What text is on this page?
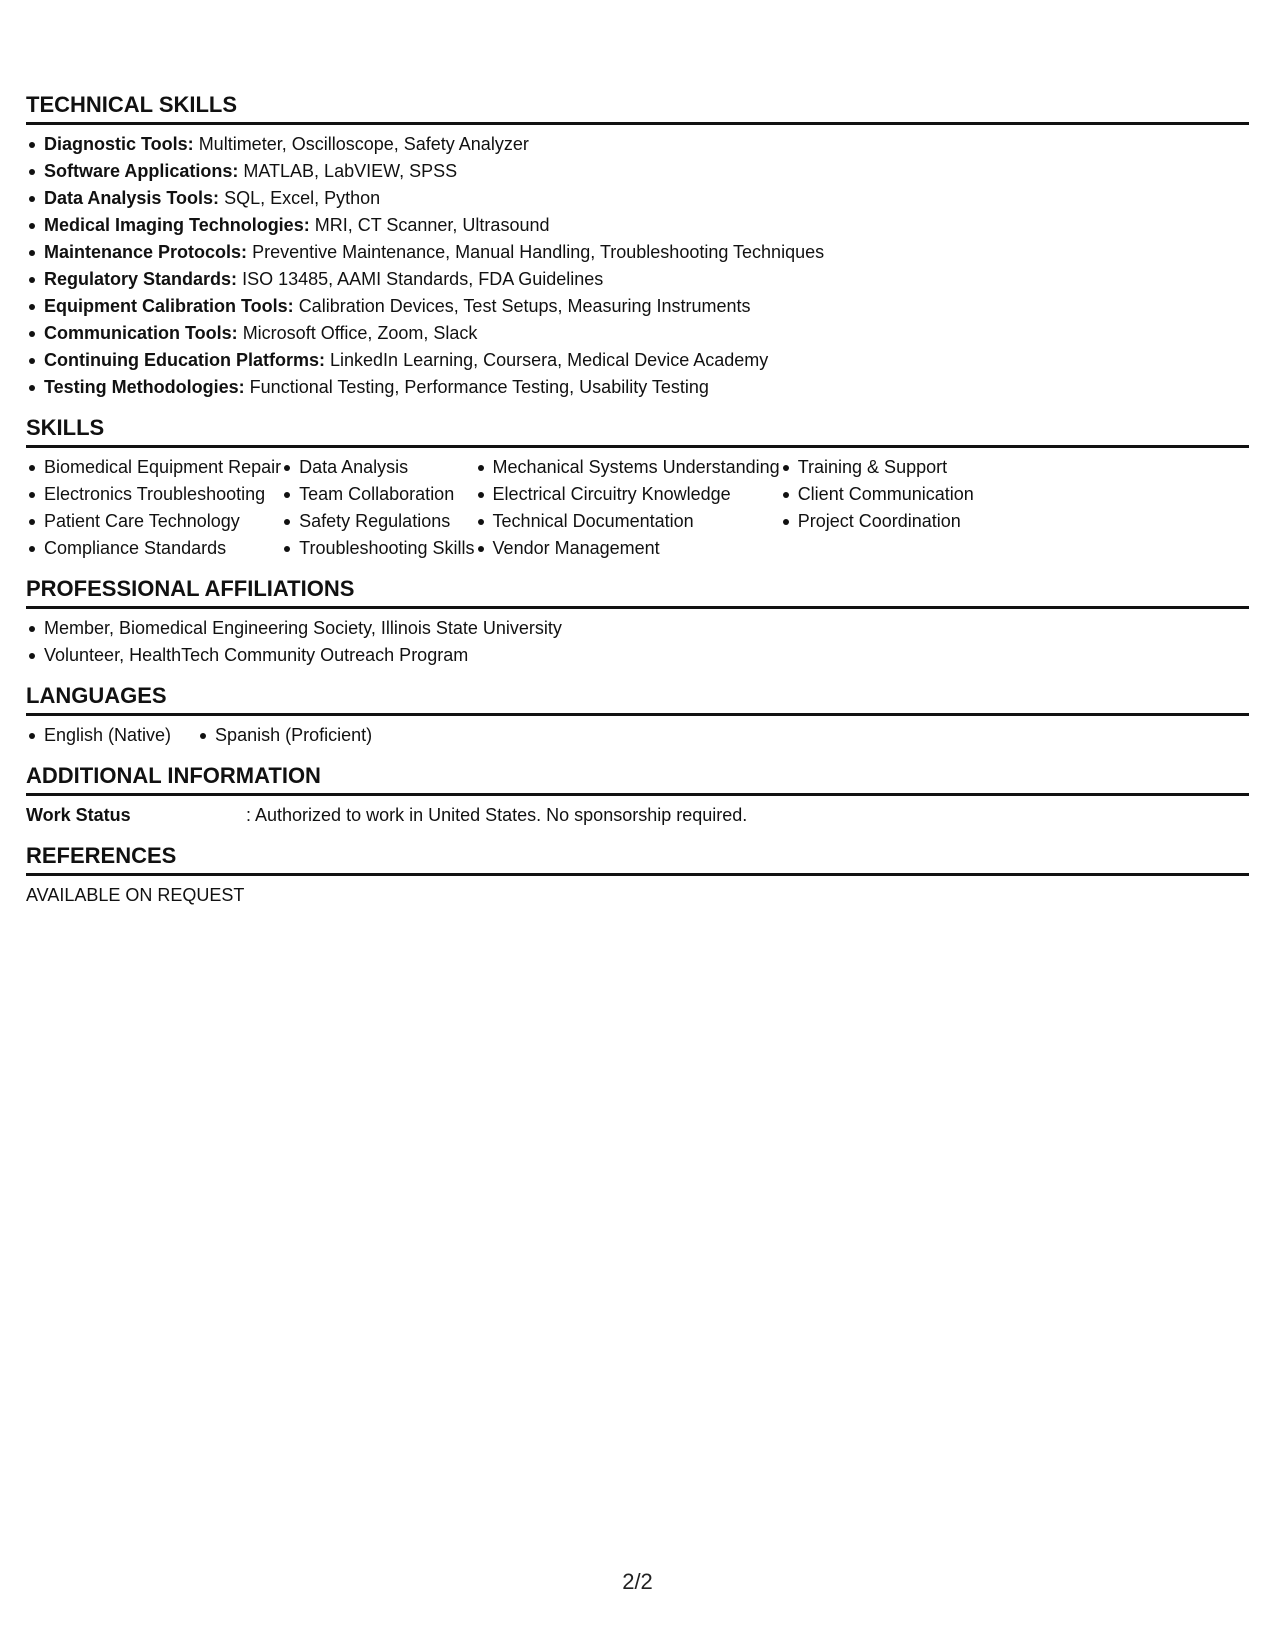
TECHNICAL SKILLS
Diagnostic Tools: Multimeter, Oscilloscope, Safety Analyzer
Software Applications: MATLAB, LabVIEW, SPSS
Data Analysis Tools: SQL, Excel, Python
Medical Imaging Technologies: MRI, CT Scanner, Ultrasound
Maintenance Protocols: Preventive Maintenance, Manual Handling, Troubleshooting Techniques
Regulatory Standards: ISO 13485, AAMI Standards, FDA Guidelines
Equipment Calibration Tools: Calibration Devices, Test Setups, Measuring Instruments
Communication Tools: Microsoft Office, Zoom, Slack
Continuing Education Platforms: LinkedIn Learning, Coursera, Medical Device Academy
Testing Methodologies: Functional Testing, Performance Testing, Usability Testing
SKILLS
Biomedical Equipment Repair
Electronics Troubleshooting
Patient Care Technology
Compliance Standards
Data Analysis
Team Collaboration
Safety Regulations
Troubleshooting Skills
Mechanical Systems Understanding
Electrical Circuitry Knowledge
Technical Documentation
Vendor Management
Training & Support
Client Communication
Project Coordination
PROFESSIONAL AFFILIATIONS
Member, Biomedical Engineering Society, Illinois State University
Volunteer, HealthTech Community Outreach Program
LANGUAGES
English (Native) Spanish (Proficient)
ADDITIONAL INFORMATION
Work Status	: Authorized to work in United States. No sponsorship required.
REFERENCES
AVAILABLE ON REQUEST
2/2
